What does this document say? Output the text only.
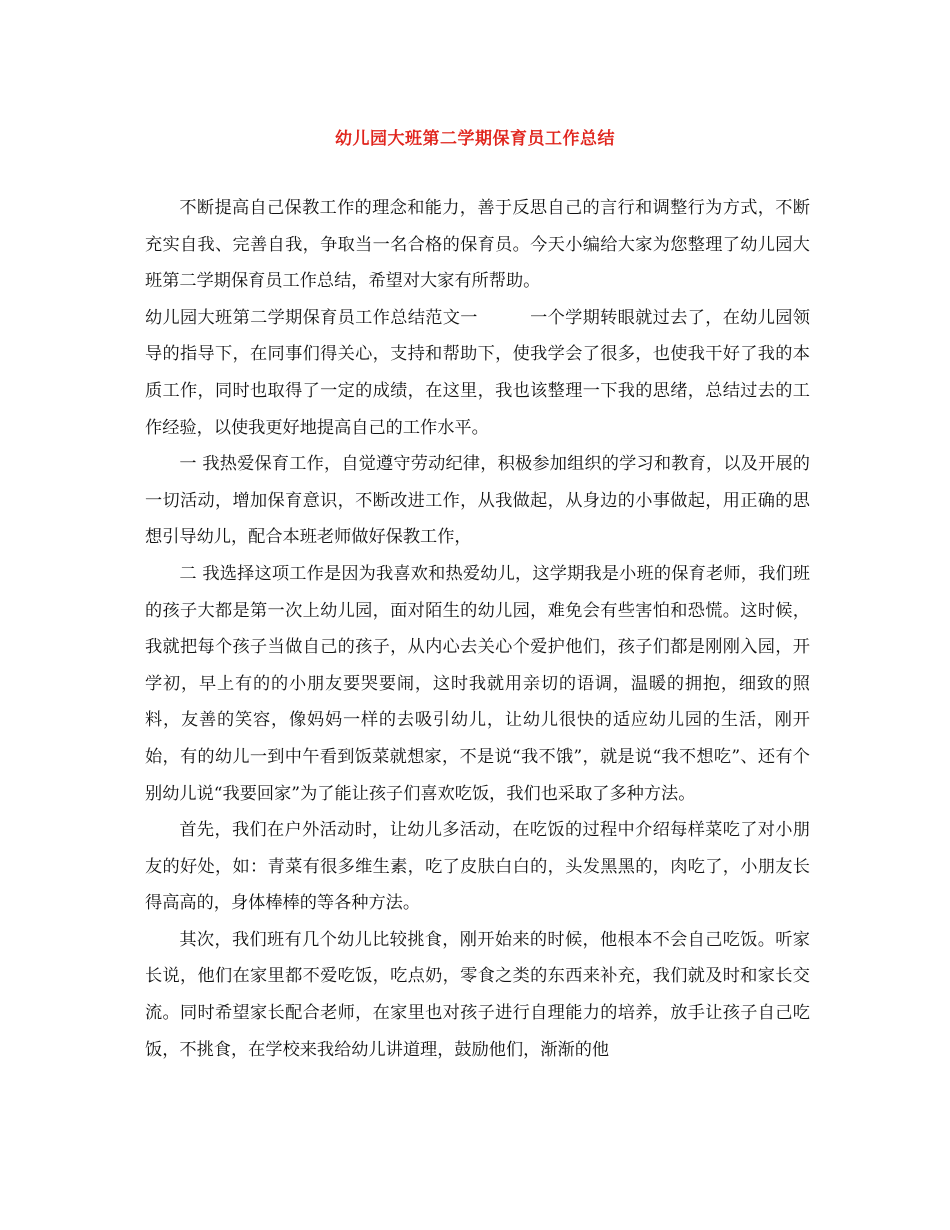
幼儿园大班第二学期保育员工作总结

不断提高自己保教工作的理念和能力，善于反思自己的言行和调整行为方式，不断充实自我、完善自我，争取当一名合格的保育员。今天小编给大家为您整理了幼儿园大班第二学期保育员工作总结，希望对大家有所帮助。

幼儿园大班第二学期保育员工作总结范文一	一个学期转眼就过去了，在幼儿园领导的指导下，在同事们得关心，支持和帮助下，使我学会了很多，也使我干好了我的本质工作，同时也取得了一定的成绩，在这里，我也该整理一下我的思绪，总结过去的工作经验，以使我更好地提高自己的工作水平。

一 我热爱保育工作，自觉遵守劳动纪律，积极参加组织的学习和教育，以及开展的一切活动，增加保育意识，不断改进工作，从我做起，从身边的小事做起，用正确的思想引导幼儿，配合本班老师做好保教工作，

二 我选择这项工作是因为我喜欢和热爱幼儿，这学期我是小班的保育老师，我们班的孩子大都是第一次上幼儿园，面对陌生的幼儿园，难免会有些害怕和恐慌。这时候，我就把每个孩子当做自己的孩子，从内心去关心个爱护他们，孩子们都是刚刚入园，开学初，早上有的的小朋友要哭要闹，这时我就用亲切的语调，温暖的拥抱，细致的照料，友善的笑容，像妈妈一样的去吸引幼儿，让幼儿很快的适应幼儿园的生活，刚开始，有的幼儿一到中午看到饭菜就想家，不是说“我不饿”，就是说“我不想吃”、还有个别幼儿说“我要回家”为了能让孩子们喜欢吃饭，我们也采取了多种方法。

首先，我们在户外活动时，让幼儿多活动，在吃饭的过程中介绍每样菜吃了对小朋友的好处，如：青菜有很多维生素，吃了皮肤白白的，头发黑黑的，肉吃了，小朋友长得高高的，身体棒棒的等各种方法。

其次，我们班有几个幼儿比较挑食，刚开始来的时候，他根本不会自己吃饭。听家长说，他们在家里都不爱吃饭，吃点奶，零食之类的东西来补充，我们就及时和家长交流。同时希望家长配合老师，在家里也对孩子进行自理能力的培养，放手让孩子自己吃饭，不挑食，在学校来我给幼儿讲道理，鼓励他们，渐渐的他
